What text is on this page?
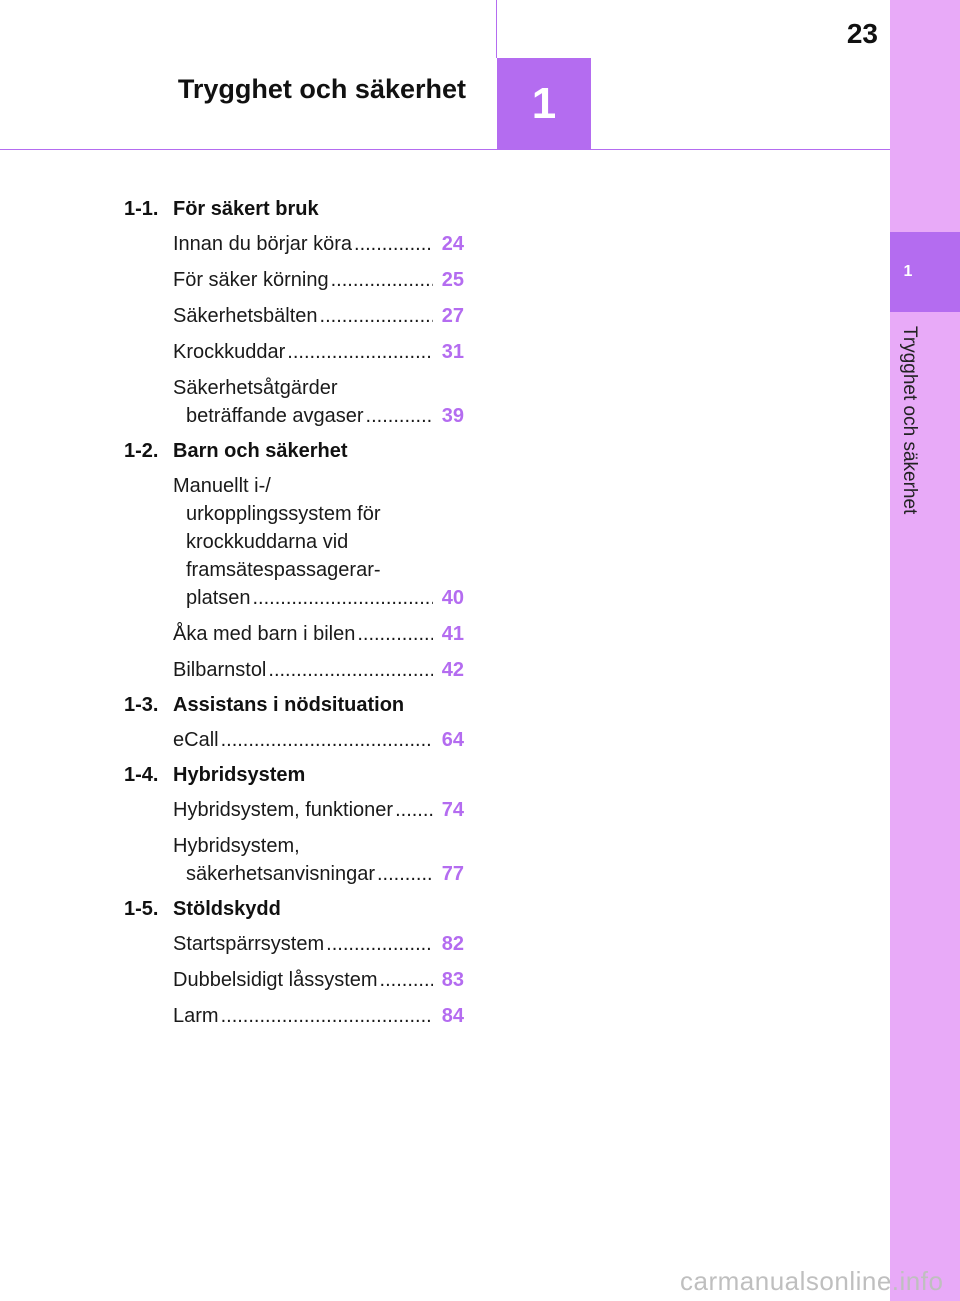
23
Trygghet och säkerhet	1
1
Trygghet och säkerhet
1-1. För säkert bruk
Innan du börjar köra .....	24
För säker körning .....	25
Säkerhetsbälten .....	27
Krockkuddar .....	31
Säkerhetsåtgärder
beträffande avgaser .....	39
1-2. Barn och säkerhet
Manuellt i-/
urkopplingssystem för
krockkuddarna vid
framsätespassagerar-
platsen .....	40
Åka med barn i bilen .....	41
Bilbarnstol .....	42
1-3. Assistans i nödsituation
eCall .....	64
1-4. Hybridsystem
Hybridsystem, funktioner ..... 74
Hybridsystem,
säkerhetsanvisningar .....	77
1-5. Stöldskydd
Startspärrsystem .....	82
Dubbelsidigt låssystem .....	83
Larm .....	84
carmanualsonline.info
